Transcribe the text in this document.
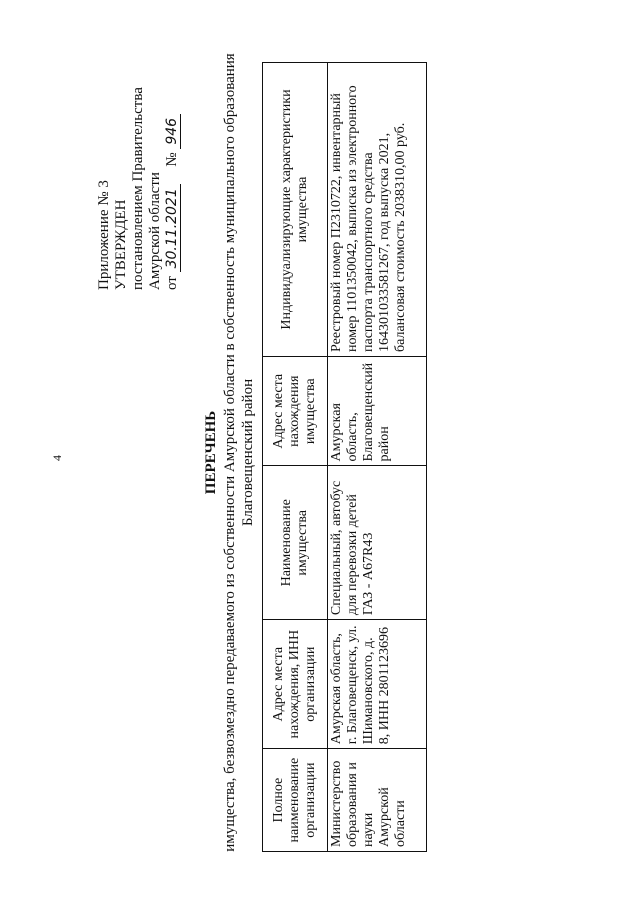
4
Приложение № 3 УТВЕРЖДЕН постановлением Правительства Амурской области от 30.11.2021  № 946
ПЕРЕЧЕНЬ имущества, безвозмездно передаваемого из собственности Амурской области в собственность муниципального образования Благовещенский район
Полное наименование организации	Адрес места нахождения, ИНН организации	Наименование имущества	Адрес места нахождения имущества	Индивидуализирующие характеристики имущества
Министерство образования и науки Амурской области	Амурская область, г. Благовещенск, ул. Шимановского, д. 8, ИНН 2801123696	Специальный, автобус для перевозки детей ГАЗ - А67R43	Амурская область, Благовещенский район	Реестровый номер П2310722, инвентарный номер 1101350042, выписка из электронного паспорта транспортного средства 164301033581267, год выпуска 2021, балансовая стоимость 2038310,00 руб.
